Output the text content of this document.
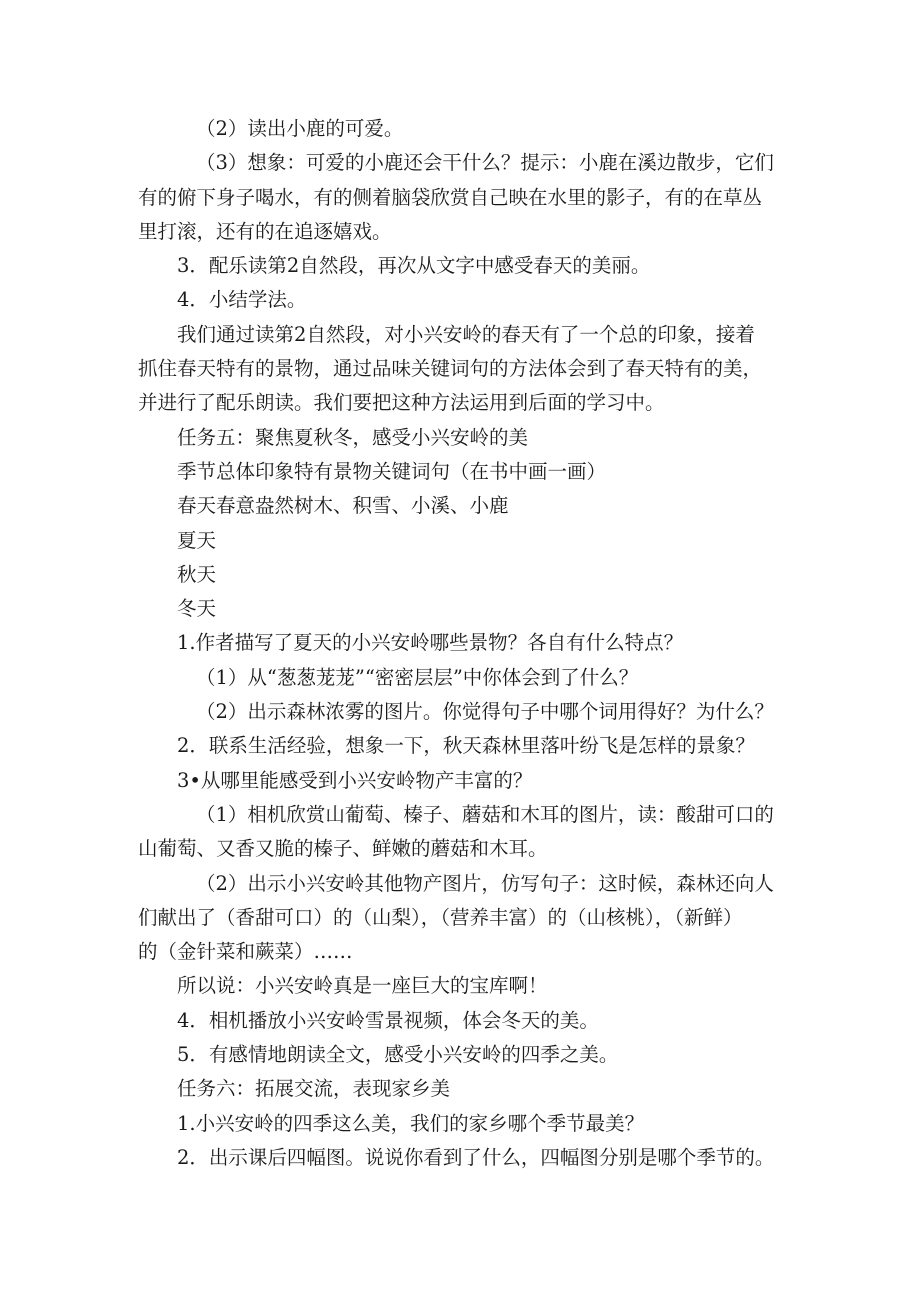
（2）读出小鹿的可爱。
（3）想象：可爱的小鹿还会干什么？提示：小鹿在溪边散步，它们
有的俯下身子喝水，有的侧着脑袋欣赏自己映在水里的影子，有的在草丛
里打滚，还有的在追逐嬉戏。
3．配乐读第2自然段，再次从文字中感受春天的美丽。
4．小结学法。
我们通过读第2自然段，对小兴安岭的春天有了一个总的印象，接着
抓住春天特有的景物，通过品味关键词句的方法体会到了春天特有的美，
并进行了配乐朗读。我们要把这种方法运用到后面的学习中。
任务五：聚焦夏秋冬，感受小兴安岭的美
季节总体印象特有景物关键词句（在书中画一画）
春天春意盎然树木、积雪、小溪、小鹿
夏天
秋天
冬天
1.作者描写了夏天的小兴安岭哪些景物？各自有什么特点？
（1）从“葱葱茏茏”“密密层层”中你体会到了什么？
（2）出示森林浓雾的图片。你觉得句子中哪个词用得好？为什么？
2．联系生活经验，想象一下，秋天森林里落叶纷飞是怎样的景象？
3•从哪里能感受到小兴安岭物产丰富的？
（1）相机欣赏山葡萄、榛子、蘑菇和木耳的图片，读：酸甜可口的
山葡萄、又香又脆的榛子、鲜嫩的蘑菇和木耳。
（2）出示小兴安岭其他物产图片，仿写句子：这时候，森林还向人
们献出了（香甜可口）的（山梨），（营养丰富）的（山核桃），（新鲜）
的（金针菜和蕨菜）……
所以说：小兴安岭真是一座巨大的宝库啊！
4．相机播放小兴安岭雪景视频，体会冬天的美。
5．有感情地朗读全文，感受小兴安岭的四季之美。
任务六：拓展交流，表现家乡美
1.小兴安岭的四季这么美，我们的家乡哪个季节最美？
2．出示课后四幅图。说说你看到了什么，四幅图分别是哪个季节的。
